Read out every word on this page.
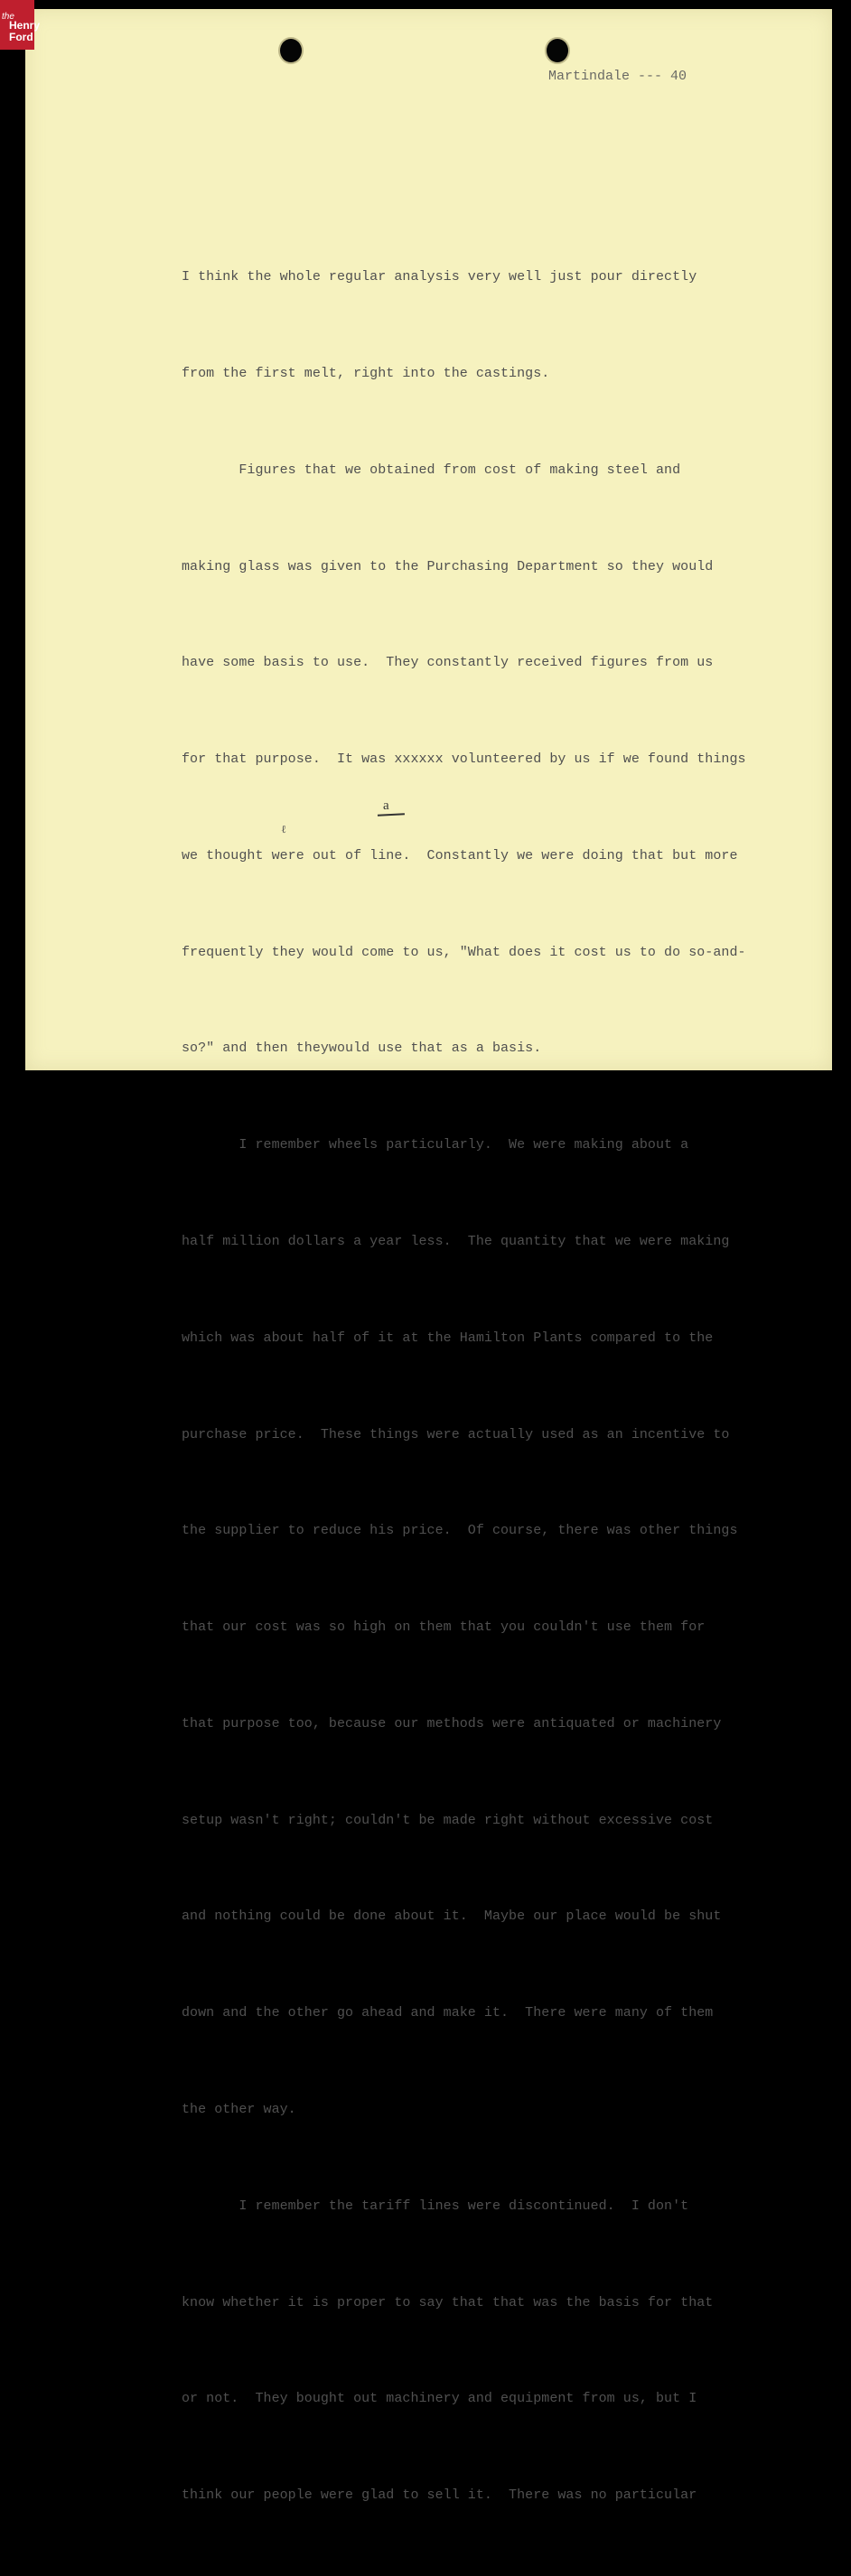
the
Henry
Ford
Martindale --- 40

I think the whole regular analysis very well just pour directly

from the first melt, right into the castings.

Figures that we obtained from cost of making steel and

making glass was given to the Purchasing Department so they would

have some basis to use.  They constantly received figures from us

for that purpose.  It was xxxxxx volunteered by us if we found things

we thought were out of line.  Constantly we were doing that but more

frequently they would come to us, "What does it cost us to do so-and-

so?" and then theywould use that as a basis.

I remember wheels particularly.  We were making about a

half million dollars a year less.  The quantity that we were making

which was about half of it at the Hamilton Plants compared to the

purchase price.  These things were actually used as an incentive to

the supplier to reduce his price.  Of course, there was other things

that our cost was so high on them that you couldn't use them for

that purpose too, because our methods were antiquated or machinery

setup wasn't right; couldn't be made right without excessive cost

and nothing could be done about it.  Maybe our place would be shut

down and the other go ahead and make it.  There were many of them

the other way.

I remember the tariff lines were discontinued.  I don't

know whether it is proper to say that that was the basis for that

or not.  They bought out machinery and equipment from us, but I

think our people were glad to sell it.  There was no particular

a
ℓ
